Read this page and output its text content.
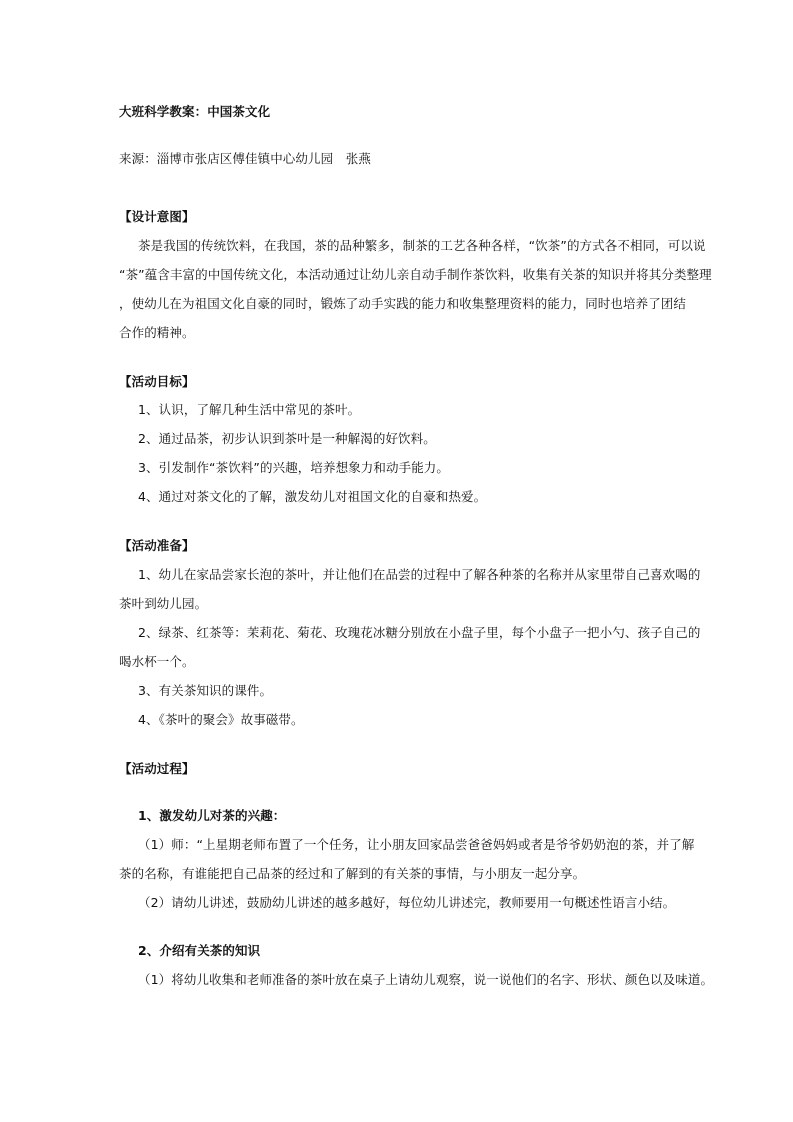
大班科学教案：中国茶文化
来源：淄博市张店区傅佳镇中心幼儿园　张燕
【设计意图】
茶是我国的传统饮料，在我国，茶的品种繁多，制茶的工艺各种各样，“饮茶”的方式各不相同，可以说
“茶”蕴含丰富的中国传统文化，本活动通过让幼儿亲自动手制作茶饮料，收集有关茶的知识并将其分类整理
，使幼儿在为祖国文化自豪的同时，锻炼了动手实践的能力和收集整理资料的能力，同时也培养了团结
合作的精神。
【活动目标】
1、认识，了解几种生活中常见的茶叶。
2、通过品茶，初步认识到茶叶是一种解渴的好饮料。
3、引发制作“茶饮料”的兴趣，培养想象力和动手能力。
4、通过对茶文化的了解，激发幼儿对祖国文化的自豪和热爱。
【活动准备】
1、幼儿在家品尝家长泡的茶叶，并让他们在品尝的过程中了解各种茶的名称并从家里带自己喜欢喝的
茶叶到幼儿园。
2、绿茶、红茶等：茉莉花、菊花、玫瑰花冰糖分别放在小盘子里，每个小盘子一把小勺、孩子自己的
喝水杯一个。
3、有关茶知识的课件。
4、《茶叶的聚会》故事磁带。
【活动过程】
1、激发幼儿对茶的兴趣：
（1）师：“上星期老师布置了一个任务，让小朋友回家品尝爸爸妈妈或者是爷爷奶奶泡的茶，并了解
茶的名称，有谁能把自己品茶的经过和了解到的有关茶的事情，与小朋友一起分享。
（2）请幼儿讲述，鼓励幼儿讲述的越多越好，每位幼儿讲述完，教师要用一句概述性语言小结。
2、介绍有关茶的知识
（1）将幼儿收集和老师准备的茶叶放在桌子上请幼儿观察，说一说他们的名字、形状、颜色以及味道。
